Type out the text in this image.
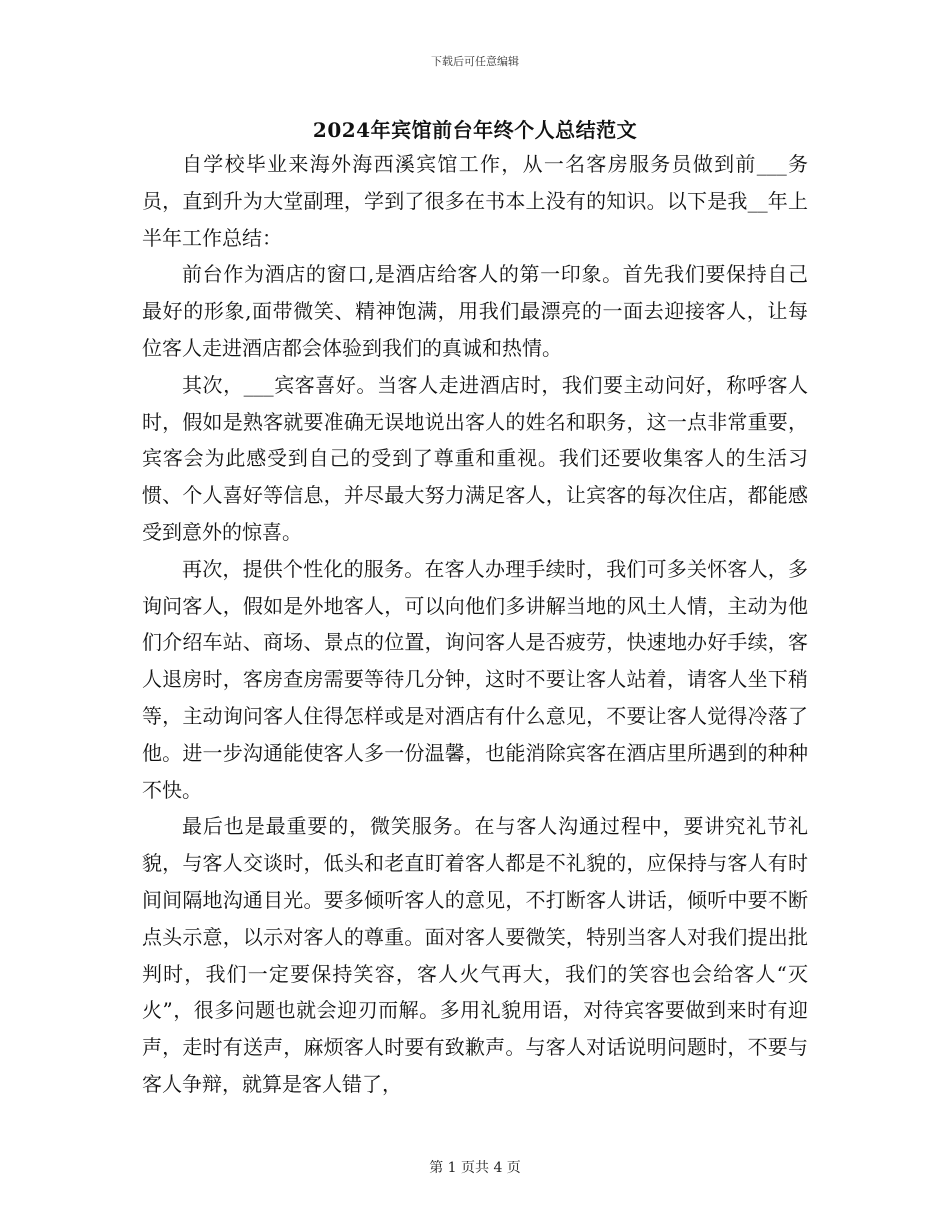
下载后可任意编辑
2024年宾馆前台年终个人总结范文

自学校毕业来海外海西溪宾馆工作，从一名客房服务员做到前___务员，直到升为大堂副理，学到了很多在书本上没有的知识。以下是我__年上半年工作总结：

前台作为酒店的窗口,是酒店给客人的第一印象。首先我们要保持自己最好的形象,面带微笑、精神饱满，用我们最漂亮的一面去迎接客人，让每位客人走进酒店都会体验到我们的真诚和热情。

其次，___宾客喜好。当客人走进酒店时，我们要主动问好，称呼客人时，假如是熟客就要准确无误地说出客人的姓名和职务，这一点非常重要，宾客会为此感受到自己的受到了尊重和重视。我们还要收集客人的生活习惯、个人喜好等信息，并尽最大努力满足客人，让宾客的每次住店，都能感受到意外的惊喜。

再次，提供个性化的服务。在客人办理手续时，我们可多关怀客人，多询问客人，假如是外地客人，可以向他们多讲解当地的风土人情，主动为他们介绍车站、商场、景点的位置，询问客人是否疲劳，快速地办好手续，客人退房时，客房查房需要等待几分钟，这时不要让客人站着，请客人坐下稍等，主动询问客人住得怎样或是对酒店有什么意见，不要让客人觉得冷落了他。进一步沟通能使客人多一份温馨，也能消除宾客在酒店里所遇到的种种不快。

最后也是最重要的，微笑服务。在与客人沟通过程中，要讲究礼节礼貌，与客人交谈时，低头和老直盯着客人都是不礼貌的，应保持与客人有时间间隔地沟通目光。要多倾听客人的意见，不打断客人讲话，倾听中要不断点头示意，以示对客人的尊重。面对客人要微笑，特别当客人对我们提出批判时，我们一定要保持笑容，客人火气再大，我们的笑容也会给客人“灭火”，很多问题也就会迎刃而解。多用礼貌用语，对待宾客要做到来时有迎声，走时有送声，麻烦客人时要有致歉声。与客人对话说明问题时，不要与客人争辩，就算是客人错了，

第 1 页共 4 页
